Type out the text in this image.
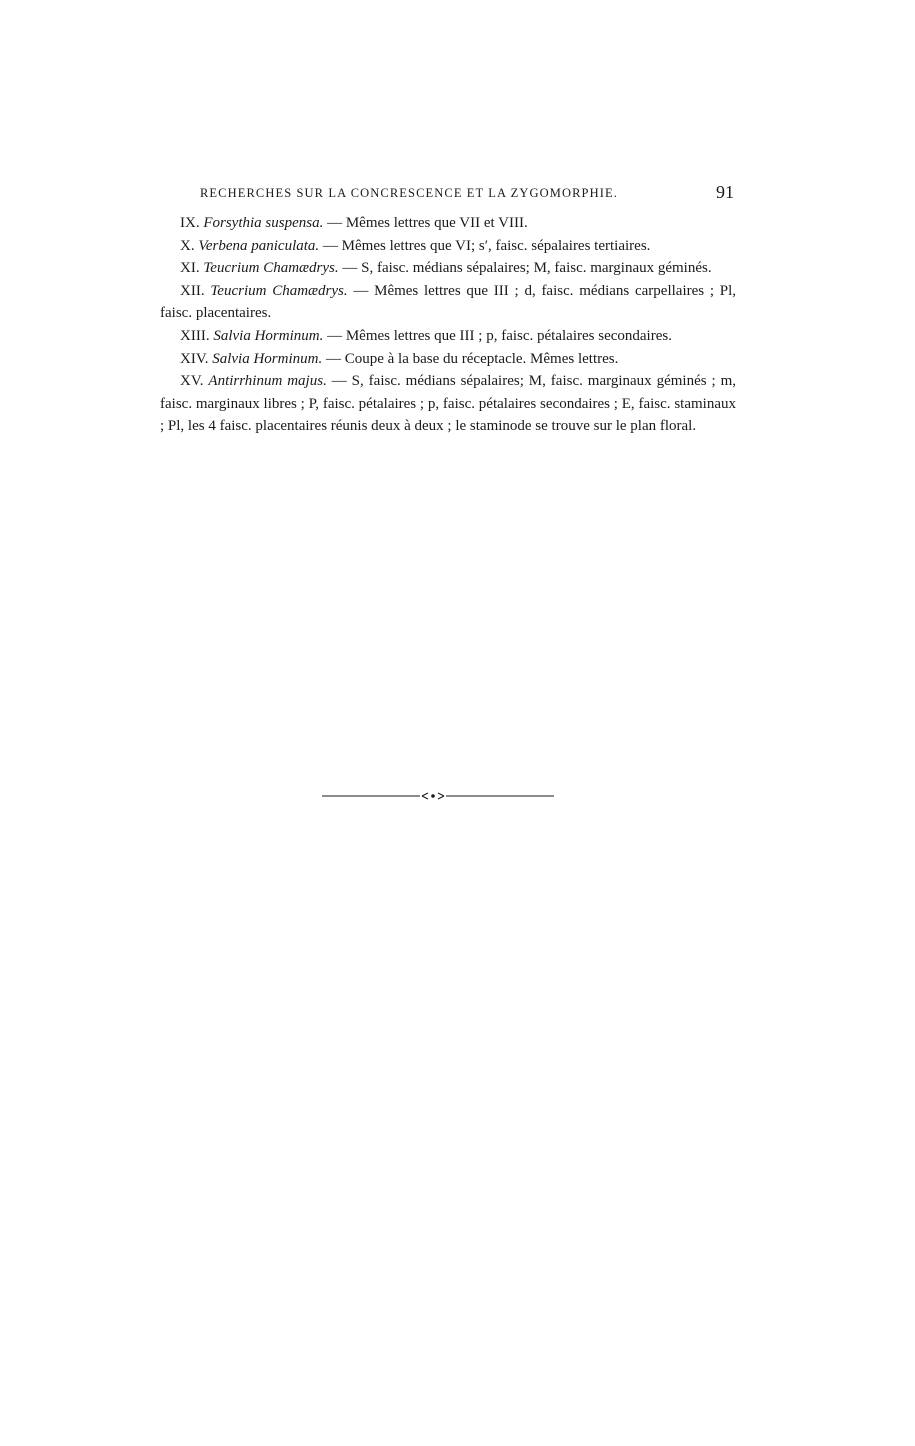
RECHERCHES SUR LA CONCRESCENCE ET LA ZYGOMORPHIE.	91

IX. Forsythia suspensa. — Mêmes lettres que VII et VIII.

X. Verbena paniculata. — Mêmes lettres que VI; s′, faisc. sépalaires tertiaires.

XI. Teucrium Chamædrys. — S, faisc. médians sépalaires; M, faisc. marginaux géminés.

XII. Teucrium Chamædrys. — Mêmes lettres que III ; d, faisc. médians carpellaires ; Pl, faisc. placentaires.

XIII. Salvia Horminum. — Mêmes lettres que III ; p, faisc. pétalaires secondaires.

XIV. Salvia Horminum. — Coupe à la base du réceptacle. Mêmes lettres.

XV. Antirrhinum majus. — S, faisc. médians sépalaires; M, faisc. marginaux géminés ; m, faisc. marginaux libres ; P, faisc. pétalaires ; p, faisc. pétalaires secondaires ; E, faisc. staminaux ; Pl, les 4 faisc. placentaires réunis deux à deux ; le staminode se trouve sur le plan floral.
